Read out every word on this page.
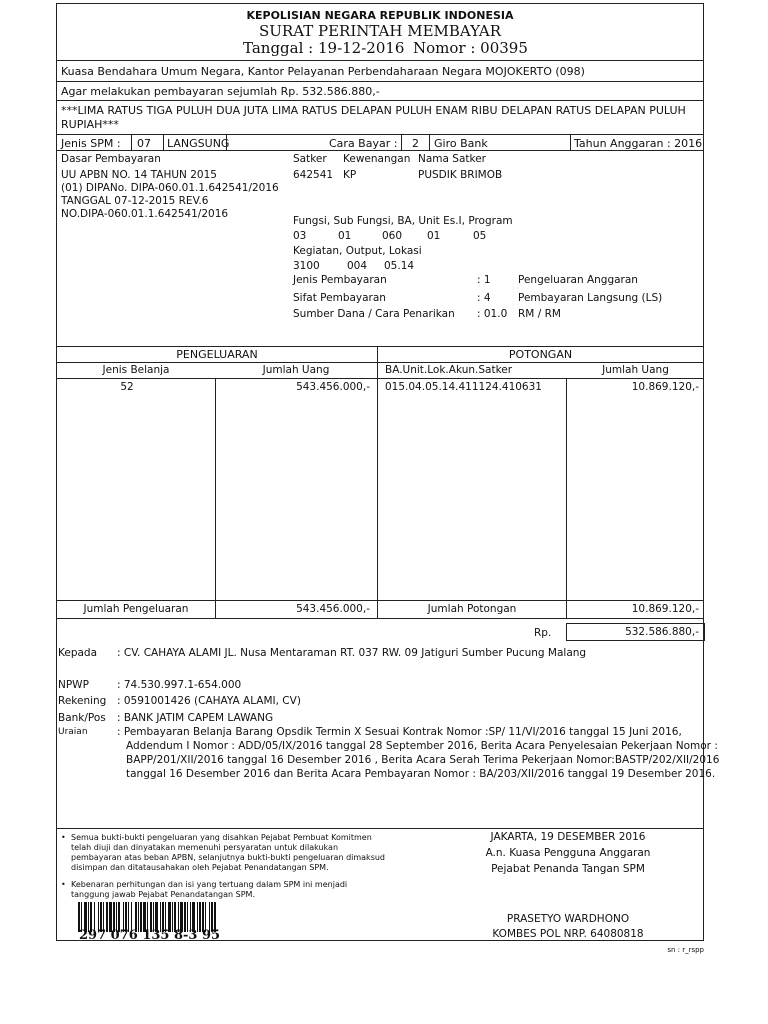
KEPOLISIAN NEGARA REPUBLIK INDONESIA
SURAT PERINTAH MEMBAYAR
Tanggal : 19-12-2016 Nomor : 00395
Kuasa Bendahara Umum Negara, Kantor Pelayanan Perbendaharaan Negara MOJOKERTO (098)
Agar melakukan pembayaran sejumlah Rp. 532.586.880,-
***LIMA RATUS TIGA PULUH DUA JUTA LIMA RATUS DELAPAN PULUH ENAM RIBU DELAPAN RATUS DELAPAN PULUH
RUPIAH***
Jenis SPM : 07 LANGSUNG	Cara Bayar : 2 Giro Bank	Tahun Anggaran : 2016
Dasar Pembayaran
UU APBN NO. 14 TAHUN 2015
(01) DIPANo. DIPA-060.01.1.642541/2016
TANGGAL 07-12-2015 REV.6
NO.DIPA-060.01.1.642541/2016
Satker Kewenangan Nama Satker
642541 KP	PUSDIK BRIMOB
Fungsi, Sub Fungsi, BA, Unit Es.I, Program
03	01	060 01	05
Kegiatan, Output, Lokasi
3100	004 05.14
Jenis Pembayaran	: 1	Pengeluaran Anggaran
Sifat Pembayaran	: 4	Pembayaran Langsung (LS)
Sumber Dana / Cara Penarikan : 01.0 RM / RM
PENGELUARAN	POTONGAN
Jenis Belanja	Jumlah Uang	BA.Unit.Lok.Akun.Satker	Jumlah Uang
52	543.456.000,- 015.04.05.14.411124.410631	10.869.120,-
Jumlah Pengeluaran	543.456.000,-	Jumlah Potongan	10.869.120,-
Rp.	532.586.880,-
Kepada : CV. CAHAYA ALAMI JL. Nusa Mentaraman RT. 037 RW. 09 Jatiguri Sumber Pucung Malang
NPWP	: 74.530.997.1-654.000
Rekening : 0591001426 (CAHAYA ALAMI, CV)
Bank/Pos : BANK JATIM CAPEM LAWANG
Uraian	: Pembayaran Belanja Barang Opsdik Termin X Sesuai Kontrak Nomor :SP/ 11/VI/2016 tanggal 15 Juni 2016,
Addendum I Nomor : ADD/05/IX/2016 tanggal 28 September 2016, Berita Acara Penyelesaian Pekerjaan Nomor :
BAPP/201/XII/2016 tanggal 16 Desember 2016 , Berita Acara Serah Terima Pekerjaan Nomor:BASTP/202/XII/2016
tanggal 16 Desember 2016 dan Berita Acara Pembayaran Nomor : BA/203/XII/2016 tanggal 19 Desember 2016.
• Semua bukti-bukti pengeluaran yang disahkan Pejabat Pembuat Komitmen telah diuji dan dinyatakan memenuhi persyaratan untuk dilakukan pembayaran atas beban APBN, selanjutnya bukti-bukti pengeluaran dimaksud disimpan dan ditatausahakan oleh Pejabat Penandatangan SPM.
• Kebenaran perhitungan dan isi yang tertuang dalam SPM ini menjadi tanggung jawab Pejabat Penandatangan SPM.
297 076 135 8-3 95
JAKARTA, 19 DESEMBER 2016
A.n. Kuasa Pengguna Anggaran
Pejabat Penanda Tangan SPM
PRASETYO WARDHONO
KOMBES POL NRP. 64080818
sn : r_rspp
